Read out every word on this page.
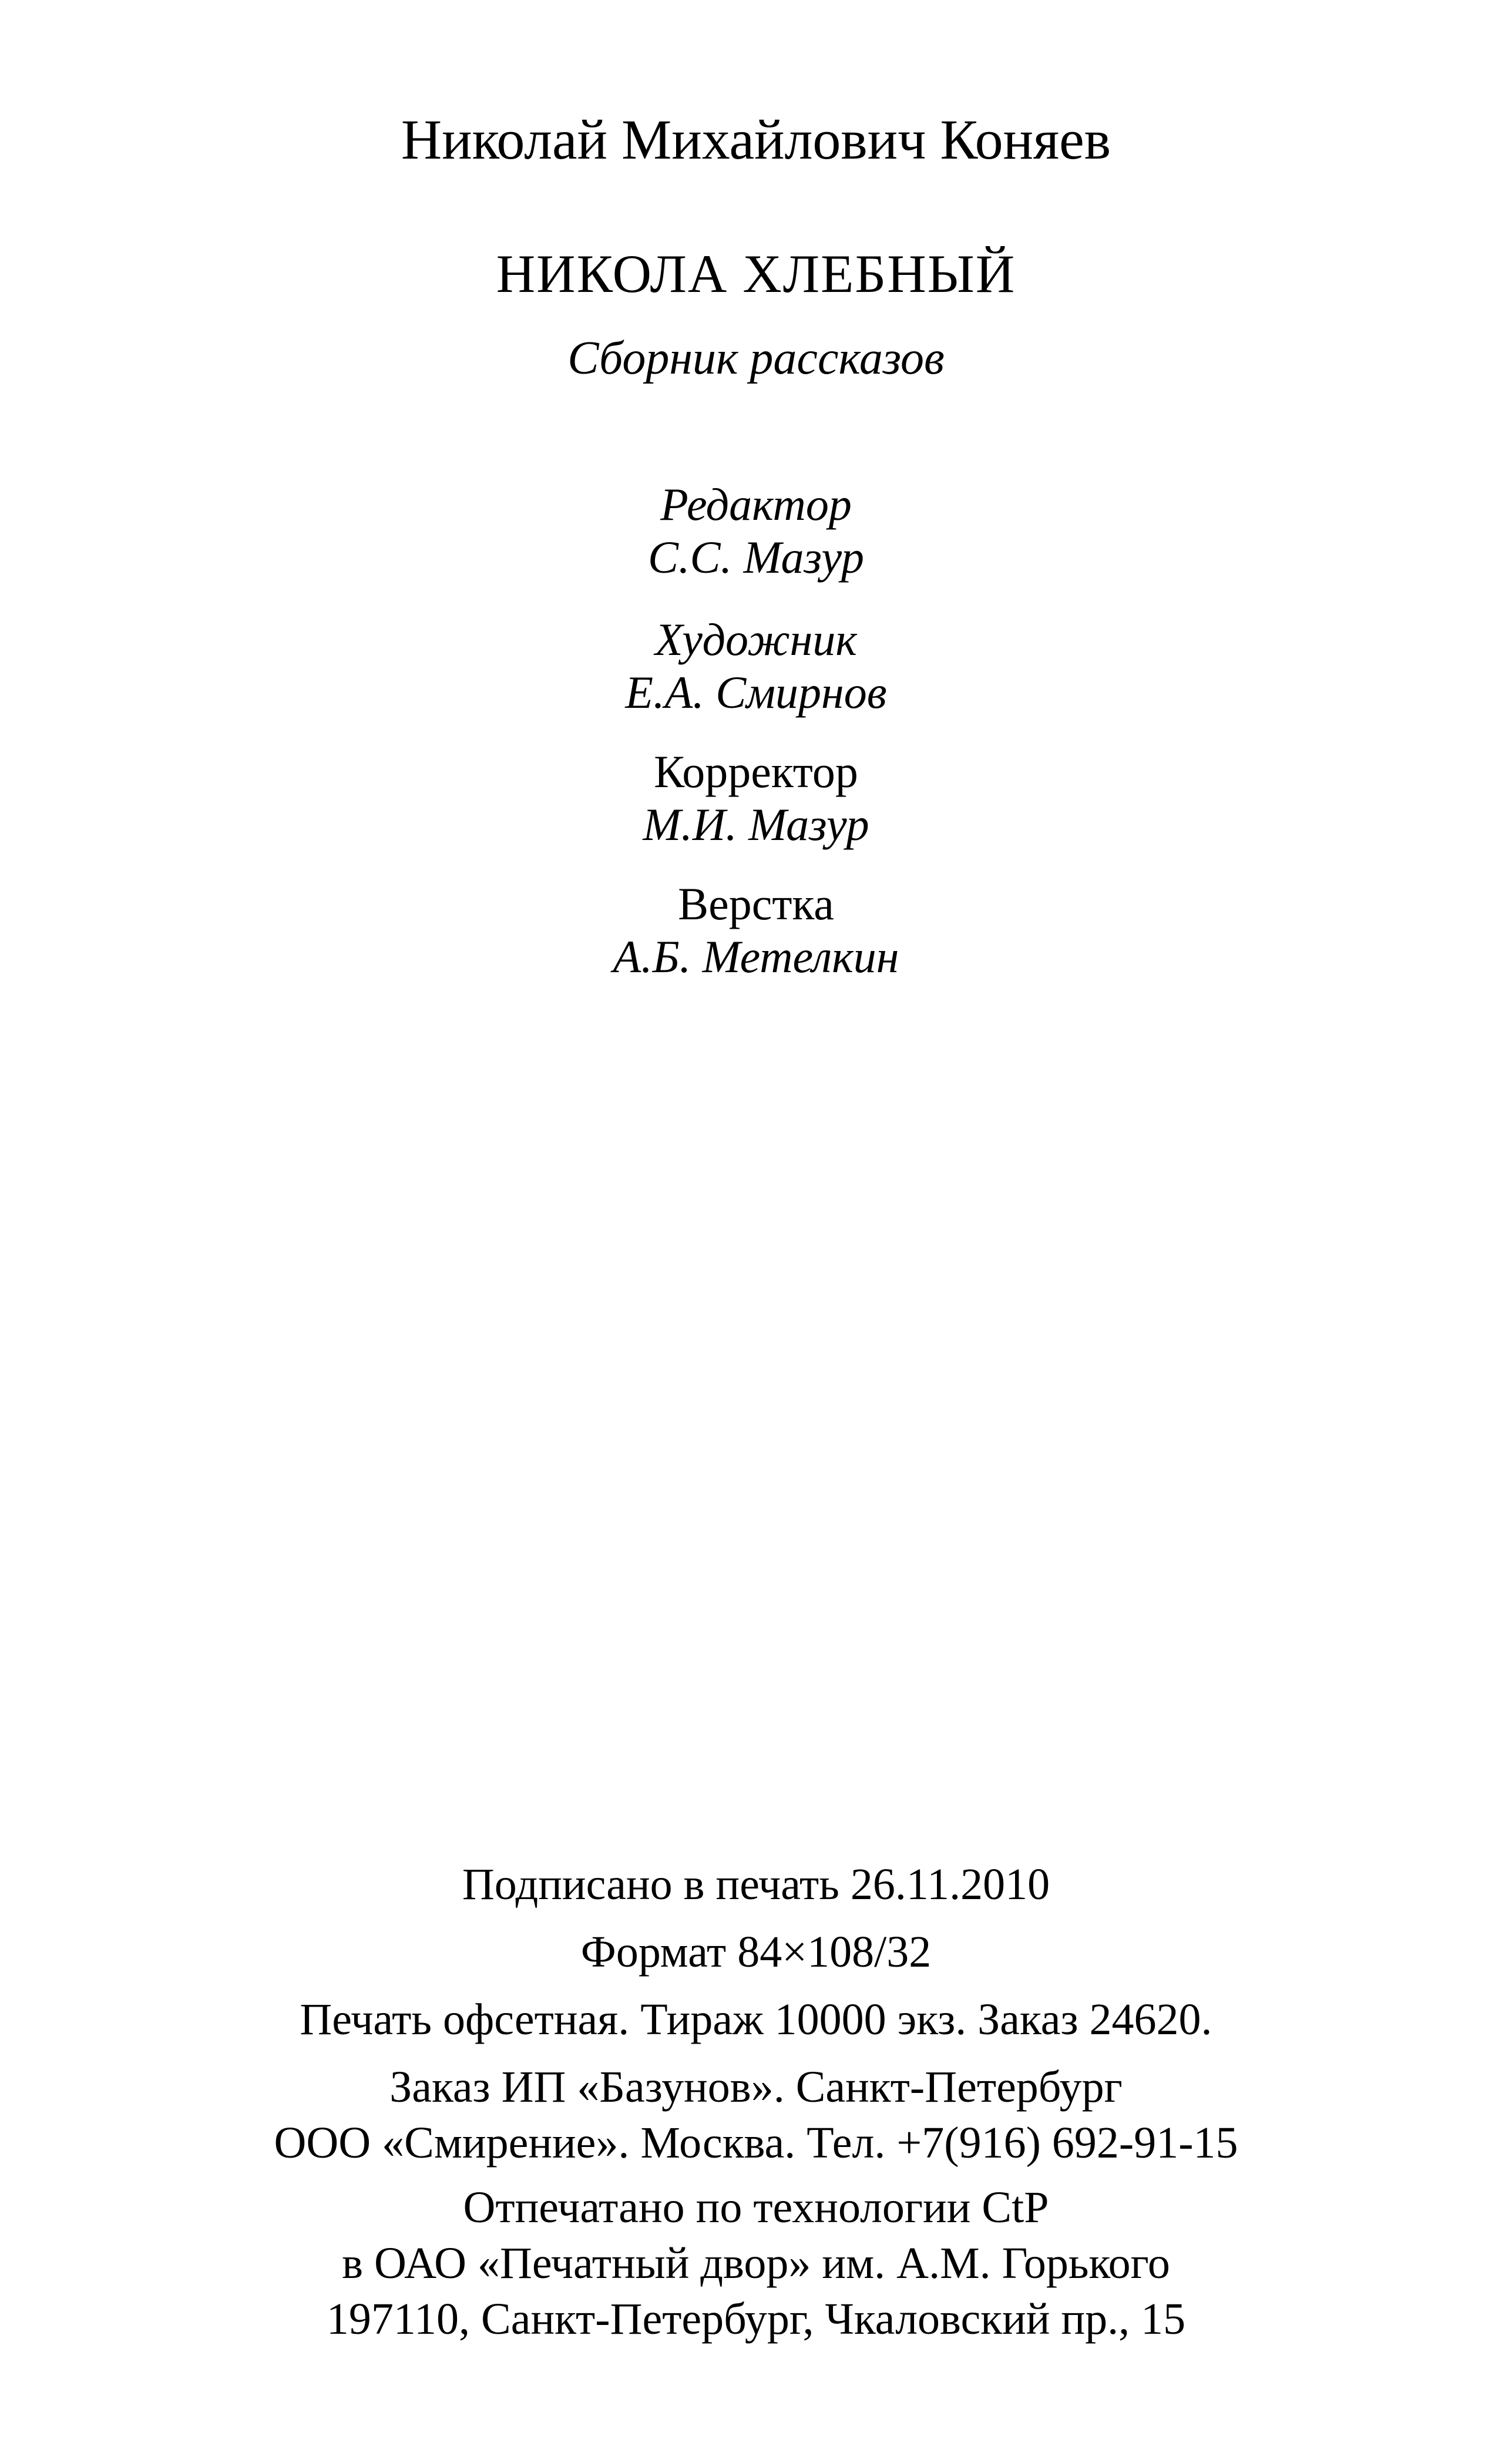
Николай Михайлович Коняев
НИКОЛА ХЛЕБНЫЙ
Сборник рассказов
Редактор
С.С. Мазур
Художник
Е.А. Смирнов
Корректор
М.И. Мазур
Верстка
А.Б. Метелкин
Подписано в печать 26.11.2010
Формат 84×108/32
Печать офсетная. Тираж 10000 экз. Заказ 24620.
Заказ ИП «Базунов». Санкт-Петербург
ООО «Смирение». Москва. Тел. +7(916) 692-91-15
Отпечатано по технологии CtP
в ОАО «Печатный двор» им. А.М. Горького
197110, Санкт-Петербург, Чкаловский пр., 15
